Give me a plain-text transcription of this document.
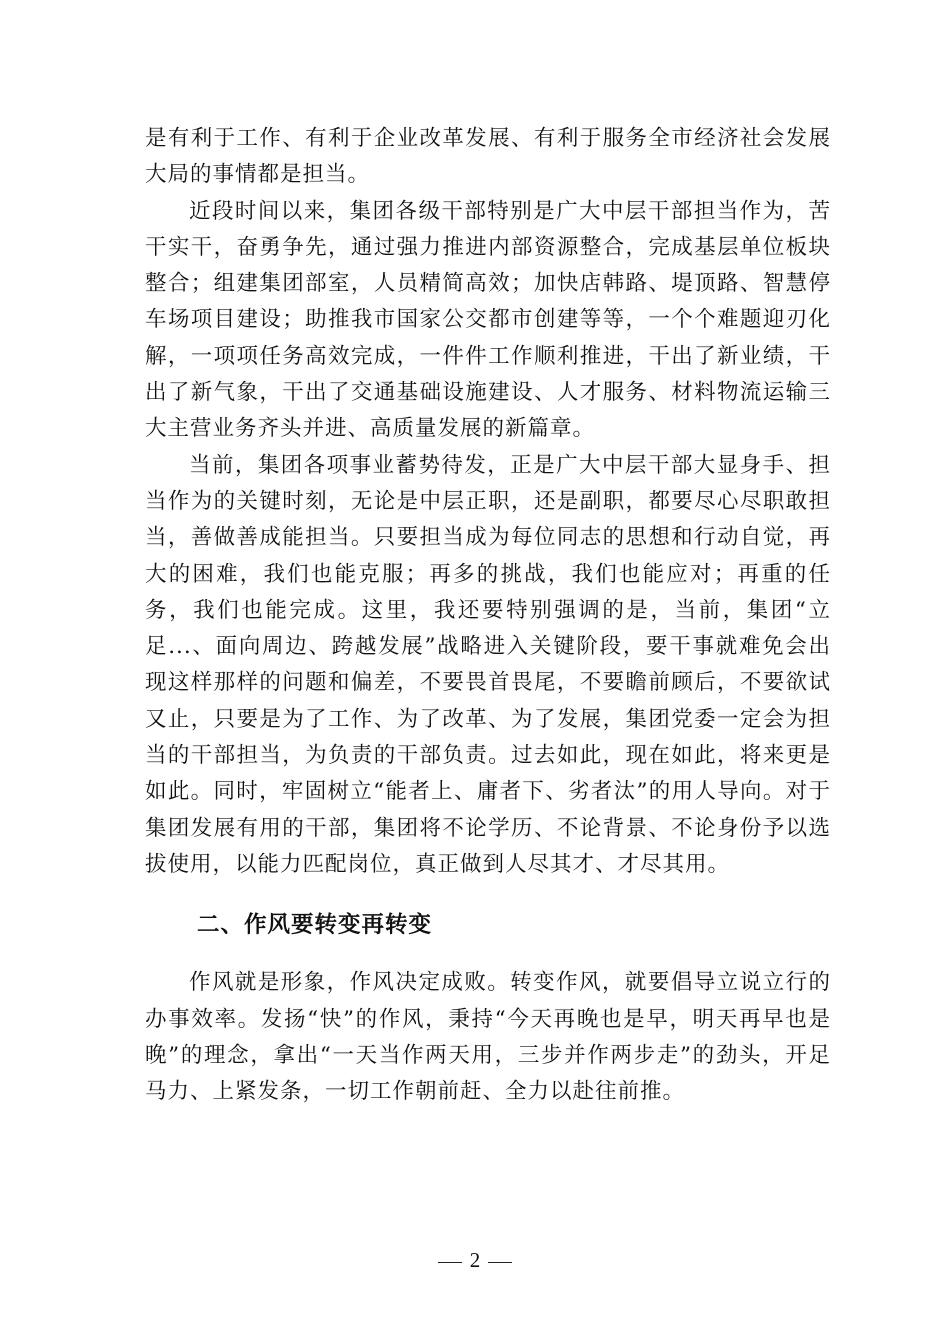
是有利于工作、有利于企业改革发展、有利于服务全市经济社会发展大局的事情都是担当。

近段时间以来，集团各级干部特别是广大中层干部担当作为，苦干实干，奋勇争先，通过强力推进内部资源整合，完成基层单位板块整合；组建集团部室，人员精简高效；加快店韩路、堤顶路、智慧停车场项目建设；助推我市国家公交都市创建等等，一个个难题迎刃化解，一项项任务高效完成，一件件工作顺利推进，干出了新业绩，干出了新气象，干出了交通基础设施建设、人才服务、材料物流运输三大主营业务齐头并进、高质量发展的新篇章。

当前，集团各项事业蓄势待发，正是广大中层干部大显身手、担当作为的关键时刻，无论是中层正职，还是副职，都要尽心尽职敢担当，善做善成能担当。只要担当成为每位同志的思想和行动自觉，再大的困难，我们也能克服；再多的挑战，我们也能应对；再重的任务，我们也能完成。这里，我还要特别强调的是，当前，集团“立足...、面向周边、跨越发展”战略进入关键阶段，要干事就难免会出现这样那样的问题和偏差，不要畏首畏尾，不要瞻前顾后，不要欲试又止，只要是为了工作、为了改革、为了发展，集团党委一定会为担当的干部担当，为负责的干部负责。过去如此，现在如此，将来更是如此。同时，牢固树立“能者上、庸者下、劣者汰”的用人导向。对于集团发展有用的干部，集团将不论学历、不论背景、不论身份予以选拔使用，以能力匹配岗位，真正做到人尽其才、才尽其用。

二、作风要转变再转变

作风就是形象，作风决定成败。转变作风，就要倡导立说立行的办事效率。发扬“快”的作风，秉持“今天再晚也是早，明天再早也是晚”的理念，拿出“一天当作两天用，三步并作两步走”的劲头，开足马力、上紧发条，一切工作朝前赶、全力以赴往前推。

2
